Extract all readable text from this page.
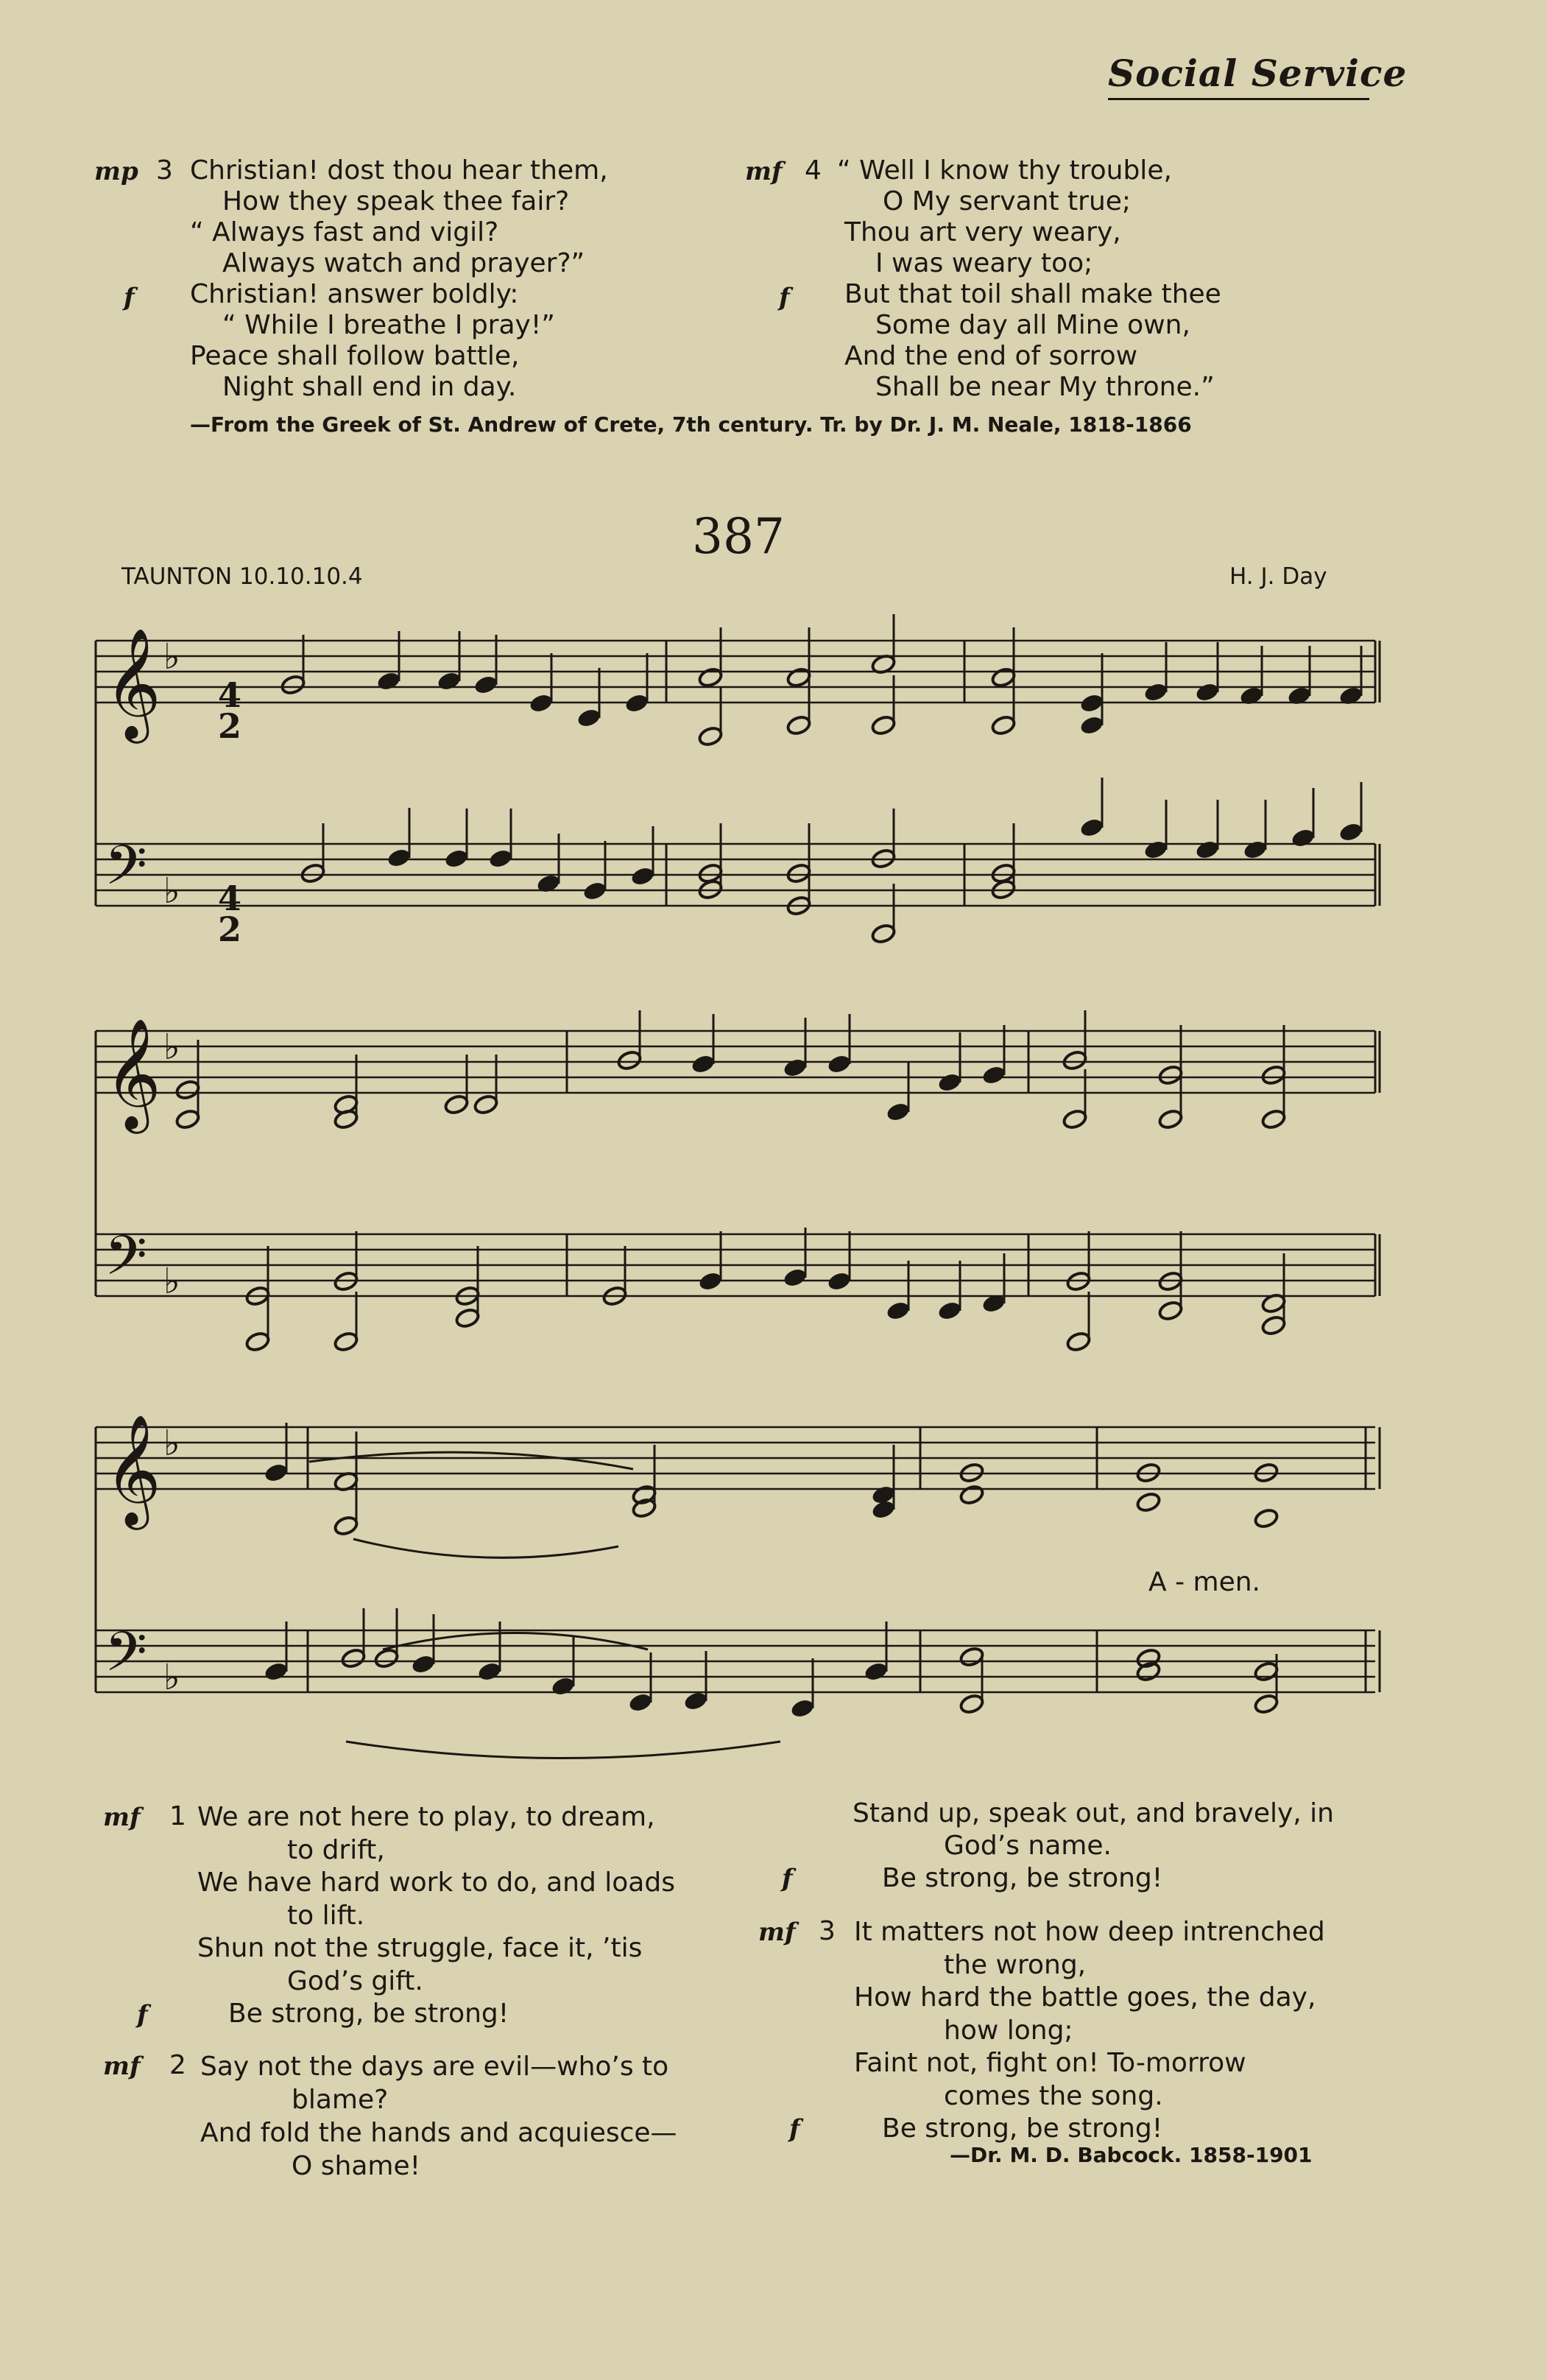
Social Service
mp 3
f
Christian! dost thou hear them,
How they speak thee fair?
“ Always fast and vigil?
Always watch and prayer?”
Christian! answer boldly:
“ While I breathe I pray!”
Peace shall follow battle,
Night shall end in day.
mf 4
f
“ Well I know thy trouble,
O My servant true;
Thou art very weary,
I was weary too;
But that toil shall make thee
Some day all Mine own,
And the end of sorrow
Shall be near My throne.”
—From the Greek of St. Andrew of Crete, 7th century. Tr. by Dr. J. M. Neale, 1818-1866
387
TAUNTON 10.10.10.4	H. J. Day
𝄞
𝄢
♭
♭
𝄞
𝄢
♭
♭
𝄞
𝄢
♭
♭
4
2
4
2
A - men.
mf 1
f
We are not here to play, to dream,
to drift,
We have hard work to do, and loads
to lift.
Shun not the struggle, face it, ’tis
God’s gift.
Be strong, be strong!
mf 2 Say not the days are evil—who’s to
blame?
And fold the hands and acquiesce—
O shame!
Stand up, speak out, and bravely, in
God’s name.
Be strong, be strong!
f
mf 3
f
It matters not how deep intrenched
the wrong,
How hard the battle goes, the day,
how long;
Faint not, fight on! To-morrow
comes the song.
Be strong, be strong!
—Dr. M. D. Babcock. 1858-1901
